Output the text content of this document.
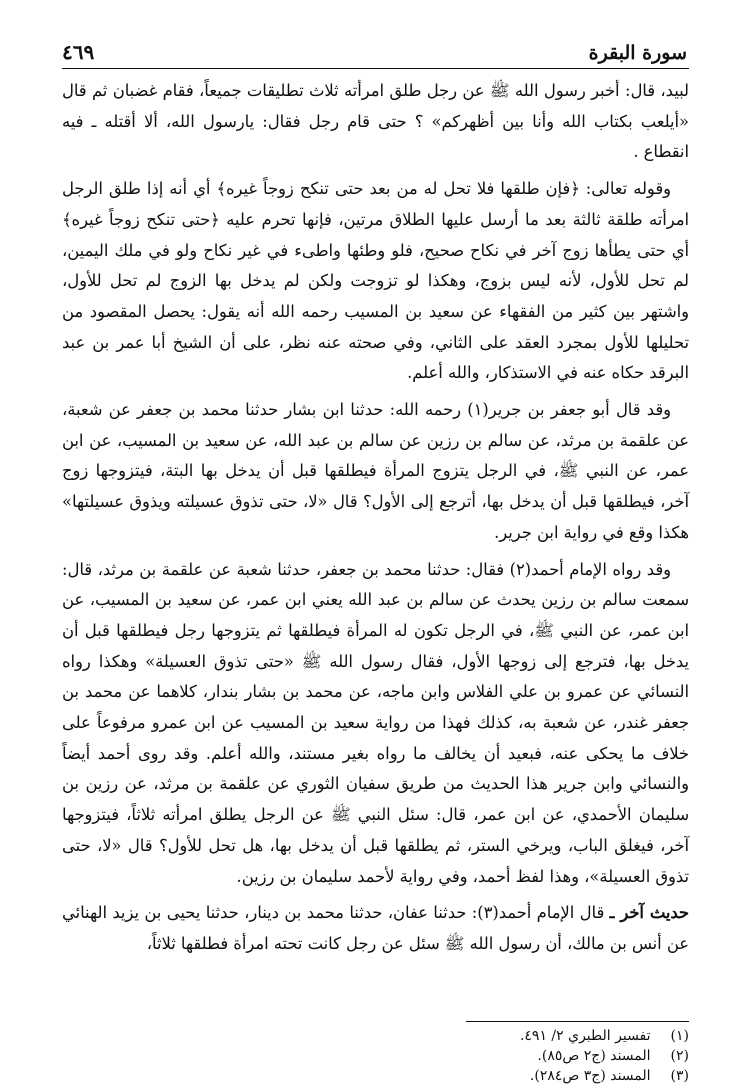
سورة البقرة
٤٦٩

لبيد، قال: أخبر رسول الله ﷺ عن رجل طلق امرأته ثلاث تطليقات جميعاً، فقام غضبان ثم قال «أيلعب بكتاب الله وأنا بين أظهركم» ؟ حتى قام رجل فقال: يارسول الله، ألا أقتله ـ فيه انقطاع .

وقوله تعالى: ﴿فإن طلقها فلا تحل له من بعد حتى تنكح زوجاً غيره﴾ أي أنه إذا طلق الرجل امرأته طلقة ثالثة بعد ما أرسل عليها الطلاق مرتين، فإنها تحرم عليه ﴿حتى تنكح زوجاً غيره﴾ أي حتى يطأها زوج آخر في نكاح صحيح، فلو وطئها واطىء في غير نكاح ولو في ملك اليمين، لم تحل للأول، لأنه ليس بزوج، وهكذا لو تزوجت ولكن لم يدخل بها الزوج لم تحل للأول، واشتهر بين كثير من الفقهاء عن سعيد بن المسيب رحمه الله أنه يقول: يحصل المقصود من تحليلها للأول بمجرد العقد على الثاني، وفي صحته عنه نظر، على أن الشيخ أبا عمر بن عبد البرقد حكاه عنه في الاستذكار، والله أعلم.

وقد قال أبو جعفر بن جرير(١) رحمه الله: حدثنا ابن بشار حدثنا محمد بن جعفر عن شعبة، عن علقمة بن مرثد، عن سالم بن رزين عن سالم بن عبد الله، عن سعيد بن المسيب، عن ابن عمر، عن النبي ﷺ، في الرجل يتزوج المرأة فيطلقها قبل أن يدخل بها البتة، فيتزوجها زوج آخر، فيطلقها قبل أن يدخل بها، أترجع إلى الأول؟ قال «لا، حتى تذوق عسيلته ويذوق عسيلتها» هكذا وقع في رواية ابن جرير.

وقد رواه الإمام أحمد(٢) فقال: حدثنا محمد بن جعفر، حدثنا شعبة عن علقمة بن مرثد، قال: سمعت سالم بن رزين يحدث عن سالم بن عبد الله يعني ابن عمر، عن سعيد بن المسيب، عن ابن عمر، عن النبي ﷺ، في الرجل تكون له المرأة فيطلقها ثم يتزوجها رجل فيطلقها قبل أن يدخل بها، فترجع إلى زوجها الأول، فقال رسول الله ﷺ «حتى تذوق العسيلة» وهكذا رواه النسائي عن عمرو بن علي الفلاس وابن ماجه، عن محمد بن بشار بندار، كلاهما عن محمد بن جعفر غندر، عن شعبة به، كذلك فهذا من رواية سعيد بن المسيب عن ابن عمرو مرفوعاً على خلاف ما يحكى عنه، فبعيد أن يخالف ما رواه بغير مستند، والله أعلم. وقد روى أحمد أيضاً والنسائي وابن جرير هذا الحديث من طريق سفيان الثوري عن علقمة بن مرثد، عن رزين بن سليمان الأحمدي، عن ابن عمر، قال: سئل النبي ﷺ عن الرجل يطلق امرأته ثلاثاً، فيتزوجها آخر، فيغلق الباب، ويرخي الستر، ثم يطلقها قبل أن يدخل بها، هل تحل للأول؟ قال «لا، حتى تذوق العسيلة»، وهذا لفظ أحمد، وفي رواية لأحمد سليمان بن رزين.

حديث آخر ـ قال الإمام أحمد(٣): حدثنا عفان، حدثنا محمد بن دينار، حدثنا يحيى بن يزيد الهنائي عن أنس بن مالك، أن رسول الله ﷺ سئل عن رجل كانت تحته امرأة فطلقها ثلاثاً،

(١) تفسير الطبري ٢/ ٤٩١.
(٢) المسند (ج٢ ص٨٥).
(٣) المسند (ج٣ ص٢٨٤).
